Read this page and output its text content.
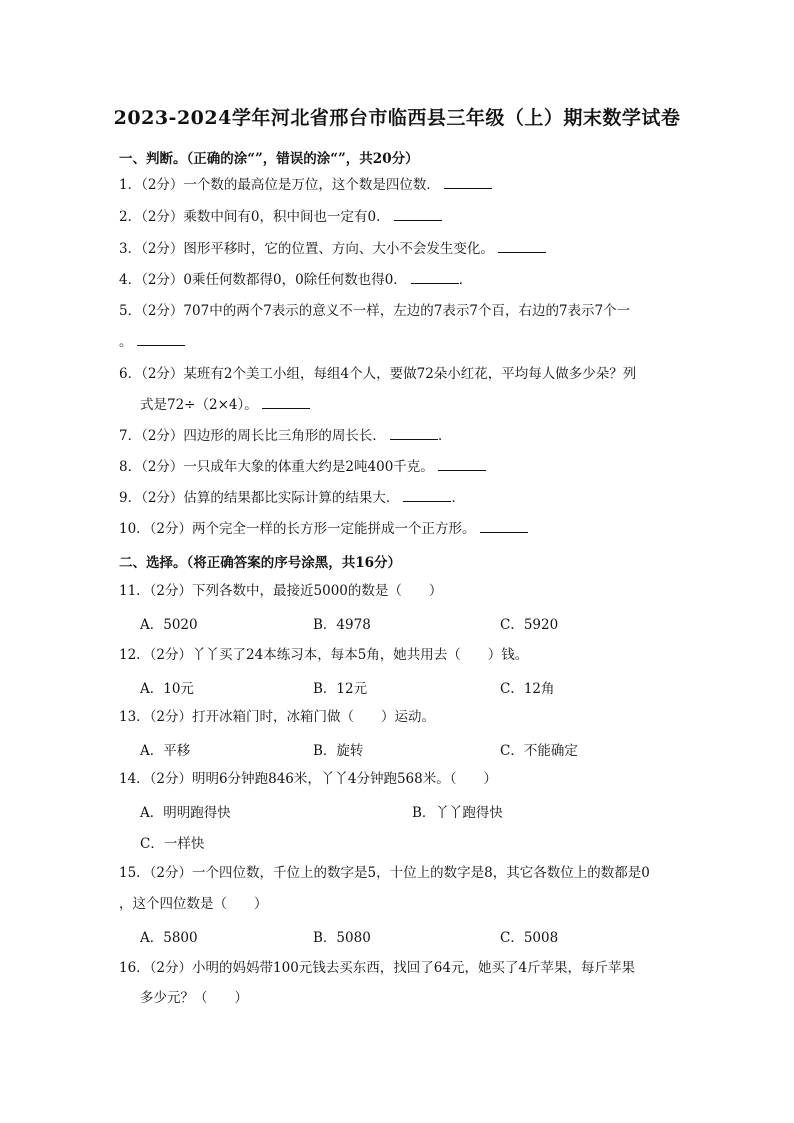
2023-2024学年河北省邢台市临西县三年级（上）期末数学试卷
一、判断。（正确的涂“”，错误的涂“”，共20分）
1．（2分）一个数的最高位是万位，这个数是四位数．
2．（2分）乘数中间有0，积中间也一定有0．
3．（2分）图形平移时，它的位置、方向、大小不会发生变化。
4．（2分）0乘任何数都得0，0除任何数也得0．	．
5．（2分）707中的两个7表示的意义不一样，左边的7表示7个百，右边的7表示7个一
。
6．（2分）某班有2个美工小组，每组4个人，要做72朵小红花，平均每人做多少朵？列
式是72÷（2×4）。
7．（2分）四边形的周长比三角形的周长长．	．
8．（2分）一只成年大象的体重大约是2吨400千克。
9．（2分）估算的结果都比实际计算的结果大．	．
10．（2分）两个完全一样的长方形一定能拼成一个正方形。
二、选择。（将正确答案的序号涂黑，共16分）
11．（2分）下列各数中，最接近5000的数是（　　）
A．5020	B．4978	C．5920
12．（2分）丫丫买了24本练习本，每本5角，她共用去（　　）钱。
A．10元	B．12元	C．12角
13．（2分）打开冰箱门时，冰箱门做（　　）运动。
A．平移	B．旋转	C．不能确定
14．（2分）明明6分钟跑846米，丫丫4分钟跑568米。（　　）
A．明明跑得快	B．丫丫跑得快
C．一样快
15．（2分）一个四位数，千位上的数字是5，十位上的数字是8，其它各数位上的数都是0
，这个四位数是（　　）
A．5800	B．5080	C．5008
16．（2分）小明的妈妈带100元钱去买东西，找回了64元，她买了4斤苹果，每斤苹果
多少元？（　　）
